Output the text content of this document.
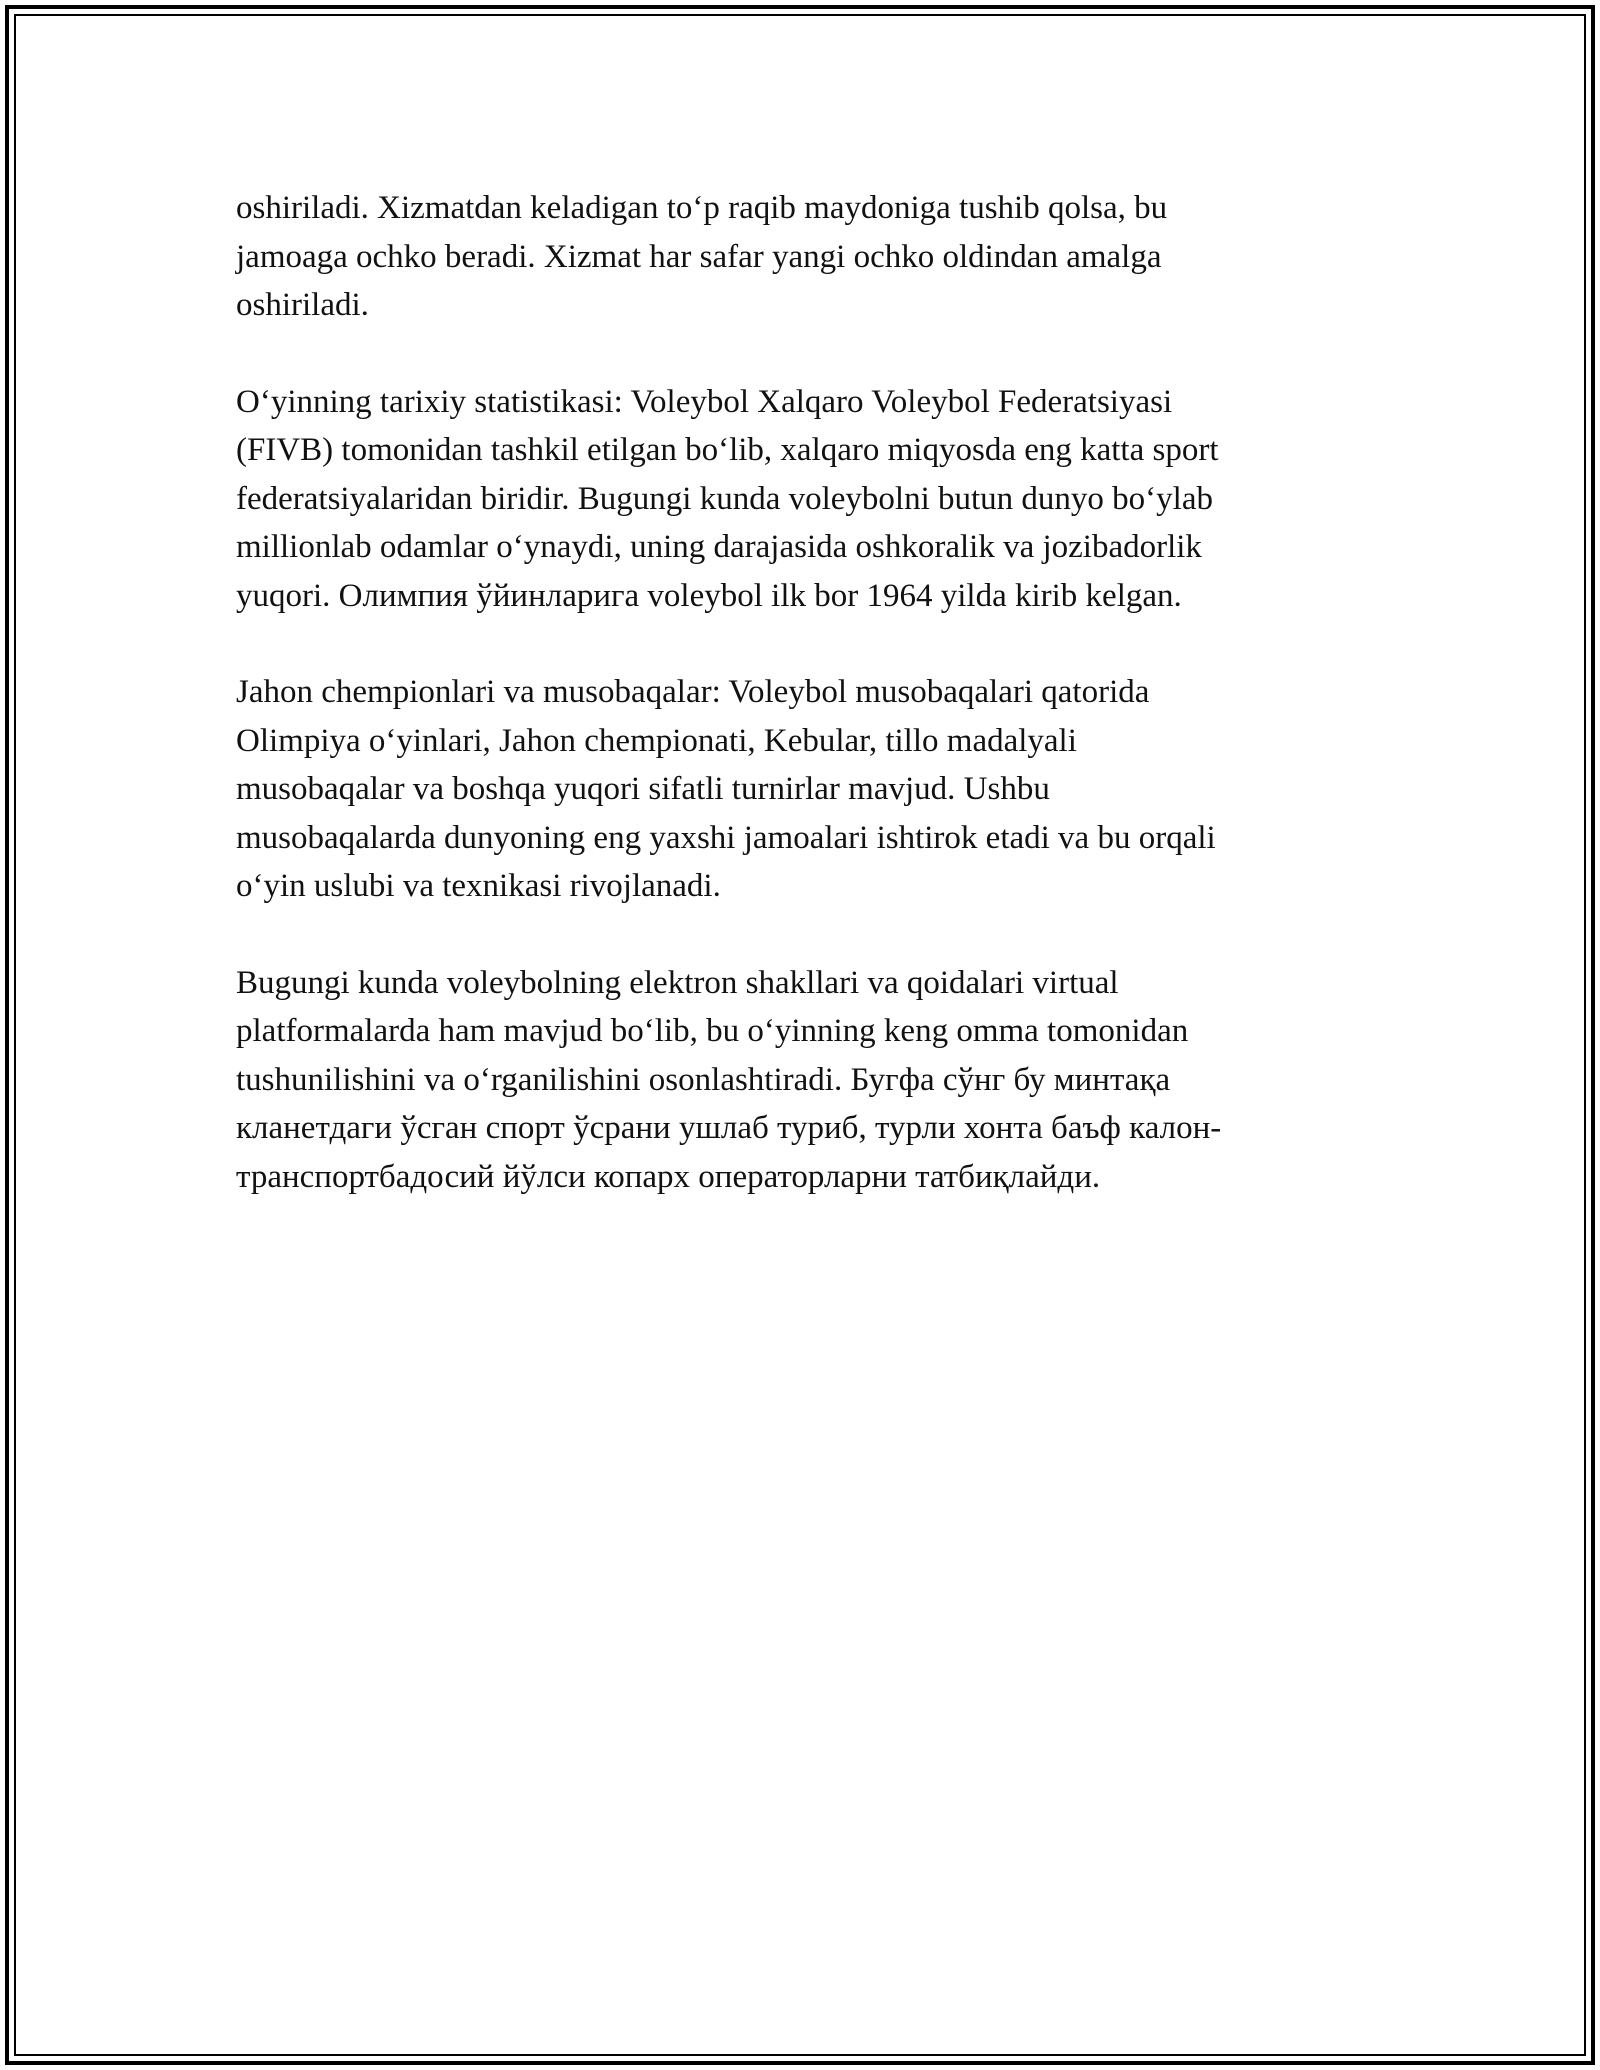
oshiriladi. Xizmatdan keladigan to‘p raqib maydoniga tushib qolsa, bu
jamoaga ochko beradi. Xizmat har safar yangi ochko oldindan amalga
oshiriladi.

O‘yinning tarixiy statistikasi: Voleybol Xalqaro Voleybol Federatsiyasi
(FIVB) tomonidan tashkil etilgan bo‘lib, xalqaro miqyosda eng katta sport
federatsiyalaridan biridir. Bugungi kunda voleybolni butun dunyo bo‘ylab
millionlab odamlar o‘ynaydi, uning darajasida oshkoralik va jozibadorlik
yuqori. Олимпия ўйинларига voleybol ilk bor 1964 yilda kirib kelgan.

Jahon chempionlari va musobaqalar: Voleybol musobaqalari qatorida
Olimpiya o‘yinlari, Jahon chempionati, Kebular, tillo madalyali
musobaqalar va boshqa yuqori sifatli turnirlar mavjud. Ushbu
musobaqalarda dunyoning eng yaxshi jamoalari ishtirok etadi va bu orqali
o‘yin uslubi va texnikasi rivojlanadi.

Bugungi kunda voleybolning elektron shakllari va qoidalari virtual
platformalarda ham mavjud bo‘lib, bu o‘yinning keng omma tomonidan
tushunilishini va o‘rganilishini osonlashtiradi. Бугфа сўнг бу минтақа
кланетдаги ўсган спорт ўсрани ушлаб туриб, турли хонта баъф калон-
транспортбадосий йўлси копарх операторларни татбиқлайди.
